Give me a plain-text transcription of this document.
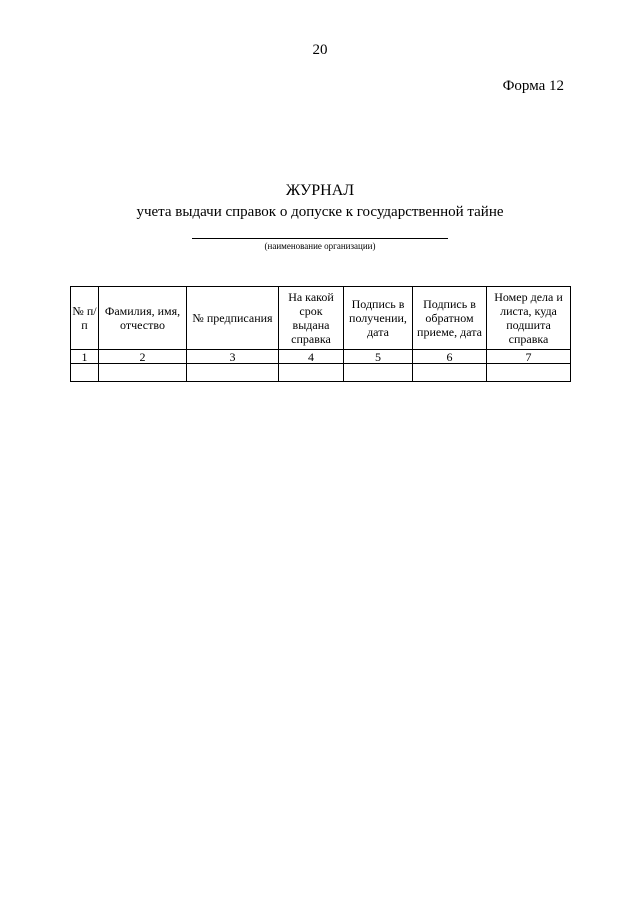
20
Форма 12
ЖУРНАЛ
учета выдачи справок о допуске к государственной тайне
(наименование организации)
№ п/п	Фамилия, имя, отчество	№ предписания	На какой срок выдана справка	Подпись в получении, дата	Подпись в обратном приеме, дата	Номер дела и листа, куда подшита справка
1	2	3	4	5	6	7
